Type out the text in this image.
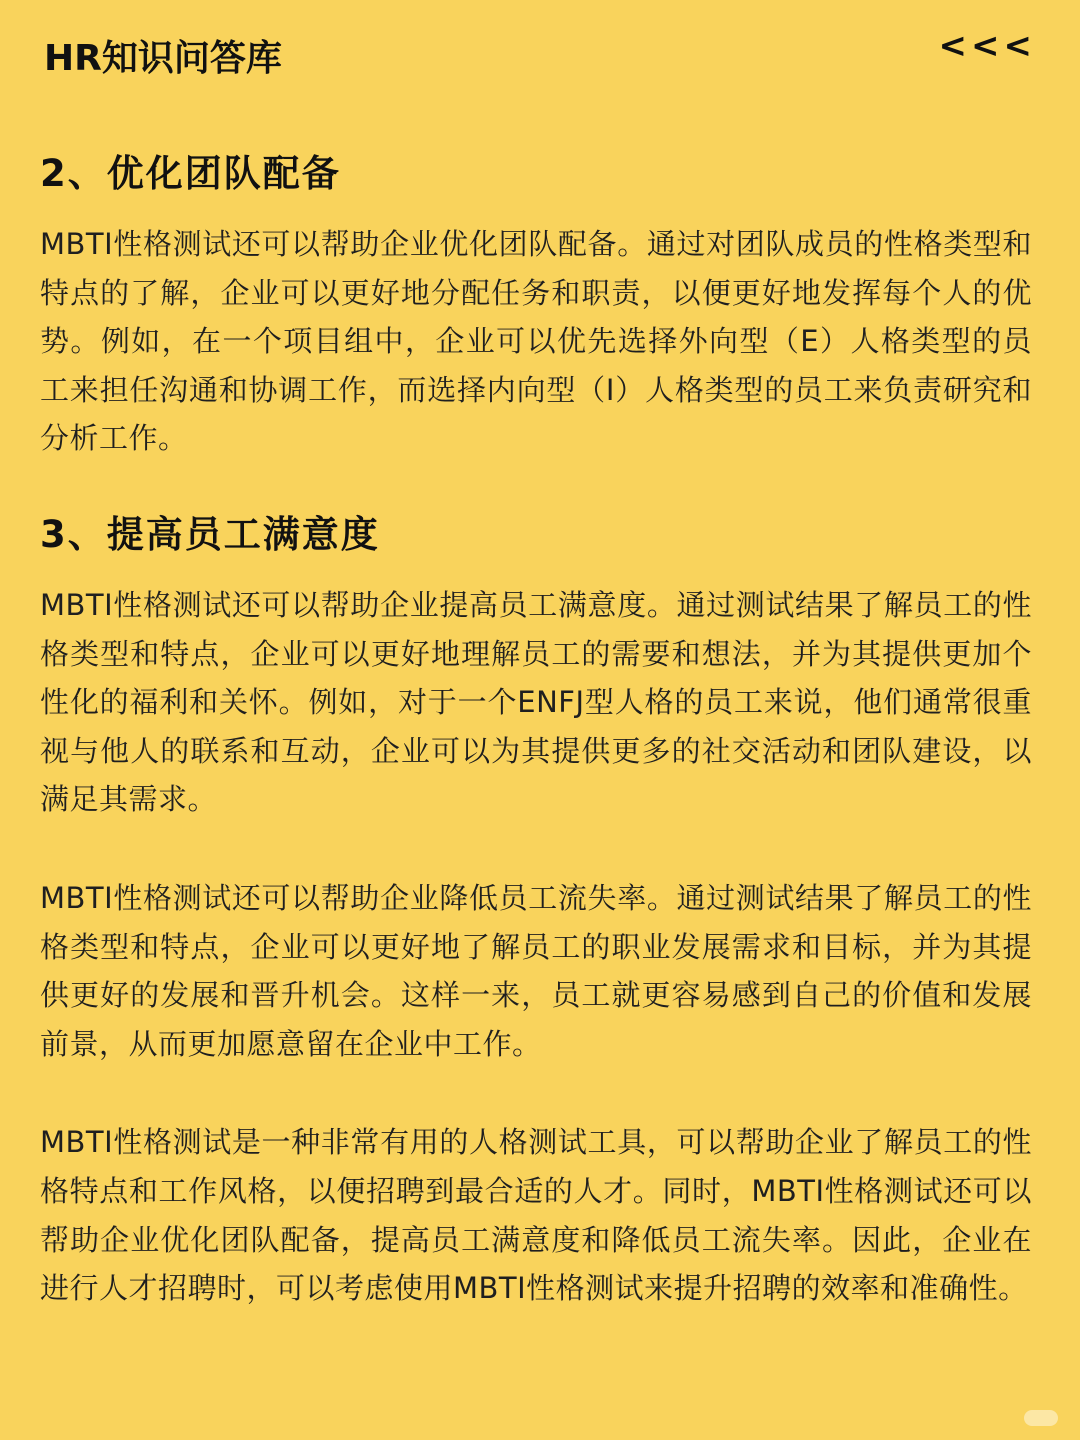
HR知识问答库	<<<
2、优化团队配备

MBTI性格测试还可以帮助企业优化团队配备。通过对团队成员的性格类型和特点的了解，企业可以更好地分配任务和职责，以便更好地发挥每个人的优势。例如，在一个项目组中，企业可以优先选择外向型（E）人格类型的员工来担任沟通和协调工作，而选择内向型（I）人格类型的员工来负责研究和分析工作。

3、提高员工满意度

MBTI性格测试还可以帮助企业提高员工满意度。通过测试结果了解员工的性格类型和特点，企业可以更好地理解员工的需要和想法，并为其提供更加个性化的福利和关怀。例如，对于一个ENFJ型人格的员工来说，他们通常很重视与他人的联系和互动，企业可以为其提供更多的社交活动和团队建设，以满足其需求。

MBTI性格测试还可以帮助企业降低员工流失率。通过测试结果了解员工的性格类型和特点，企业可以更好地了解员工的职业发展需求和目标，并为其提供更好的发展和晋升机会。这样一来，员工就更容易感到自己的价值和发展前景，从而更加愿意留在企业中工作。

MBTI性格测试是一种非常有用的人格测试工具，可以帮助企业了解员工的性格特点和工作风格，以便招聘到最合适的人才。同时，MBTI性格测试还可以帮助企业优化团队配备，提高员工满意度和降低员工流失率。因此，企业在进行人才招聘时，可以考虑使用MBTI性格测试来提升招聘的效率和准确性。
